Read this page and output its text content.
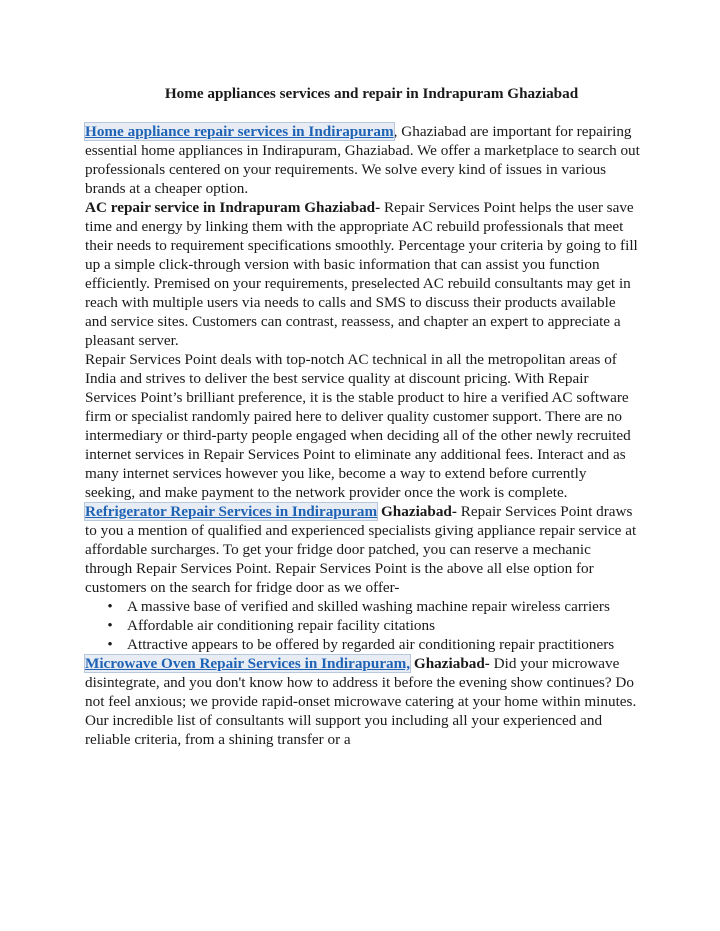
Home appliances services and repair in Indrapuram Ghaziabad

Home appliance repair services in Indirapuram, Ghaziabad are important for repairing essential home appliances in Indirapuram, Ghaziabad. We offer a marketplace to search out professionals centered on your requirements. We solve every kind of issues in various brands at a cheaper option.

AC repair service in Indrapuram Ghaziabad- Repair Services Point helps the user save time and energy by linking them with the appropriate AC rebuild professionals that meet their needs to requirement specifications smoothly. Percentage your criteria by going to fill up a simple click-through version with basic information that can assist you function efficiently. Premised on your requirements, preselected AC rebuild consultants may get in reach with multiple users via needs to calls and SMS to discuss their products available and service sites. Customers can contrast, reassess, and chapter an expert to appreciate a pleasant server.

Repair Services Point deals with top-notch AC technical in all the metropolitan areas of India and strives to deliver the best service quality at discount pricing. With Repair Services Point’s brilliant preference, it is the stable product to hire a verified AC software firm or specialist randomly paired here to deliver quality customer support. There are no intermediary or third-party people engaged when deciding all of the other newly recruited internet services in Repair Services Point to eliminate any additional fees. Interact and as many internet services however you like, become a way to extend before currently seeking, and make payment to the network provider once the work is complete.

Refrigerator Repair Services in Indirapuram Ghaziabad- Repair Services Point draws to you a mention of qualified and experienced specialists giving appliance repair service at affordable surcharges. To get your fridge door patched, you can reserve a mechanic through Repair Services Point. Repair Services Point is the above all else option for customers on the search for fridge door as we offer-

• A massive base of verified and skilled washing machine repair wireless carriers
• Affordable air conditioning repair facility citations
• Attractive appears to be offered by regarded air conditioning repair practitioners

Microwave Oven Repair Services in Indirapuram, Ghaziabad- Did your microwave disintegrate, and you don't know how to address it before the evening show continues? Do not feel anxious; we provide rapid-onset microwave catering at your home within minutes. Our incredible list of consultants will support you including all your experienced and reliable criteria, from a shining transfer or a
